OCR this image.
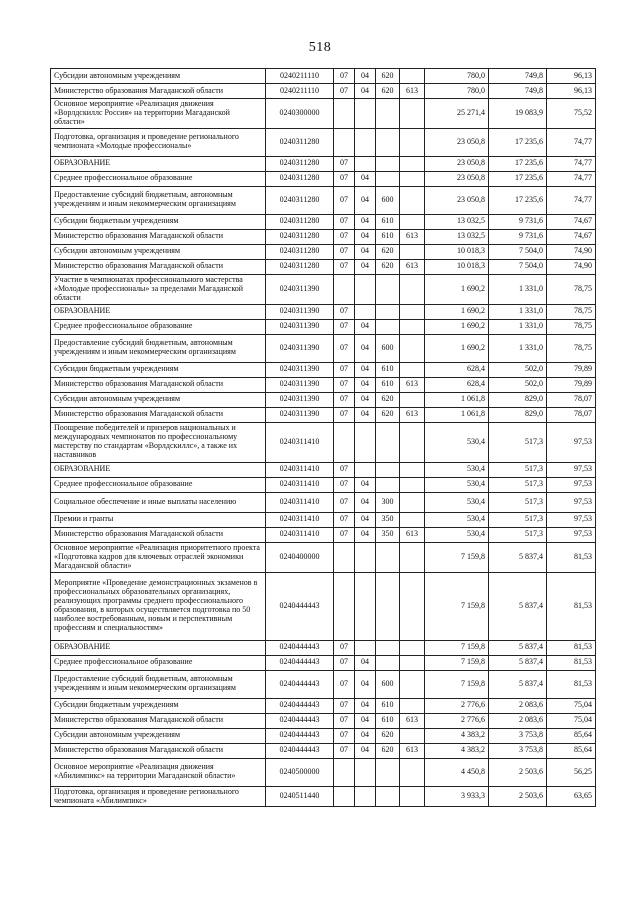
518
Субсидии автономным учреждениям	0240211110	07	04	620		780,0	749,8	96,13
Министерство образования Магаданской области	0240211110	07	04	620	613	780,0	749,8	96,13
Основное мероприятие «Реализация движения «Ворлдскиллс Россия» на территории Магаданской области»	0240300000					25 271,4	19 083,9	75,52
Подготовка, организация и проведение регионального чемпионата «Молодые профессионалы»	0240311280					23 050,8	17 235,6	74,77
ОБРАЗОВАНИЕ	0240311280	07				23 050,8	17 235,6	74,77
Среднее профессиональное образование	0240311280	07	04			23 050,8	17 235,6	74,77
Предоставление субсидий бюджетным, автономным учреждениям и иным некоммерческим организациям	0240311280	07	04	600		23 050,8	17 235,6	74,77
Субсидии бюджетным учреждениям	0240311280	07	04	610		13 032,5	9 731,6	74,67
Министерство образования Магаданской области	0240311280	07	04	610	613	13 032,5	9 731,6	74,67
Субсидии автономным учреждениям	0240311280	07	04	620		10 018,3	7 504,0	74,90
Министерство образования Магаданской области	0240311280	07	04	620	613	10 018,3	7 504,0	74,90
Участие в чемпионатах профессионального мастерства «Молодые профессионалы» за пределами Магаданской области	0240311390					1 690,2	1 331,0	78,75
ОБРАЗОВАНИЕ	0240311390	07				1 690,2	1 331,0	78,75
Среднее профессиональное образование	0240311390	07	04			1 690,2	1 331,0	78,75
Предоставление субсидий бюджетным, автономным учреждениям и иным некоммерческим организациям	0240311390	07	04	600		1 690,2	1 331,0	78,75
Субсидии бюджетным учреждениям	0240311390	07	04	610		628,4	502,0	79,89
Министерство образования Магаданской области	0240311390	07	04	610	613	628,4	502,0	79,89
Субсидии автономным учреждениям	0240311390	07	04	620		1 061,8	829,0	78,07
Министерство образования Магаданской области	0240311390	07	04	620	613	1 061,8	829,0	78,07
Поощрение победителей и призеров национальных и международных чемпионатов по профессиональному мастерству по стандартам «Ворлдскиллс», а также их наставников	0240311410					530,4	517,3	97,53
ОБРАЗОВАНИЕ	0240311410	07				530,4	517,3	97,53
Среднее профессиональное образование	0240311410	07	04			530,4	517,3	97,53
Социальное обеспечение и иные выплаты населению	0240311410	07	04	300		530,4	517,3	97,53
Премии и гранты	0240311410	07	04	350		530,4	517,3	97,53
Министерство образования Магаданской области	0240311410	07	04	350	613	530,4	517,3	97,53
Основное мероприятие «Реализация приоритетного проекта «Подготовка кадров для ключевых отраслей экономики Магаданской области»	0240400000					7 159,8	5 837,4	81,53
Мероприятие «Проведение демонстрационных экзаменов в профессиональных образовательных организациях, реализующих программы среднего профессионального образования, в которых осуществляется подготовка по 50 наиболее востребованным, новым и перспективным профессиям и специальностям»	0240444443					7 159,8	5 837,4	81,53
ОБРАЗОВАНИЕ	0240444443	07				7 159,8	5 837,4	81,53
Среднее профессиональное образование	0240444443	07	04			7 159,8	5 837,4	81,53
Предоставление субсидий бюджетным, автономным учреждениям и иным некоммерческим организациям	0240444443	07	04	600		7 159,8	5 837,4	81,53
Субсидии бюджетным учреждениям	0240444443	07	04	610		2 776,6	2 083,6	75,04
Министерство образования Магаданской области	0240444443	07	04	610	613	2 776,6	2 083,6	75,04
Субсидии автономным учреждениям	0240444443	07	04	620		4 383,2	3 753,8	85,64
Министерство образования Магаданской области	0240444443	07	04	620	613	4 383,2	3 753,8	85,64
Основное мероприятие «Реализация движения «Абилимпикс» на территории Магаданской области»	0240500000					4 450,8	2 503,6	56,25
Подготовка, организация и проведение регионального чемпионата «Абилимпикс»	0240511440					3 933,3	2 503,6	63,65
